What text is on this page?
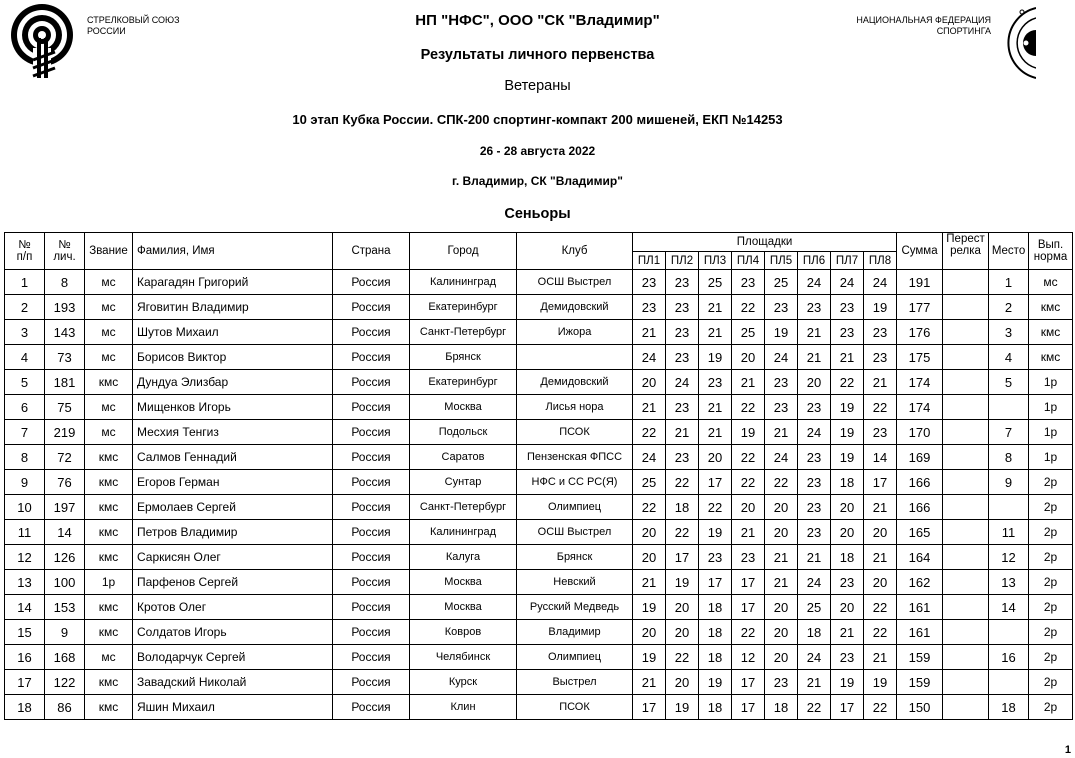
СТРЕЛКОВЫЙ СОЮЗ
РОССИИ
НАЦИОНАЛЬНАЯ ФЕДЕРАЦИЯ
СПОРТИНГА
НП "НФС", ООО "СК "Владимир"
Результаты личного первенства
Ветераны
10 этап Кубка России. СПК-200 спортинг-компакт 200 мишеней, ЕКП №14253
26 - 28 августа 2022
г. Владимир, СК "Владимир"
Сеньоры
№
п/п	№
лич.	Звание	Фамилия, Имя	Страна	Город	Клуб	Площадки								Сумма	Перест
релка	Место	Вып.
норма
							ПЛ1	ПЛ2	ПЛ3	ПЛ4	ПЛ5	ПЛ6	ПЛ7	ПЛ8				
1	8	мс	Карагадян Григорий	Россия	Калининград	ОСШ Выстрел	23	23	25	23	25	24	24	24	191		1	мс
2	193	мс	Яговитин Владимир	Россия	Екатеринбург	Демидовский	23	23	21	22	23	23	23	19	177		2	кмс
3	143	мс	Шутов Михаил	Россия	Санкт-Петербург	Ижора	21	23	21	25	19	21	23	23	176		3	кмс
4	73	мс	Борисов Виктор	Россия	Брянск		24	23	19	20	24	21	21	23	175		4	кмс
5	181	кмс	Дундуа Элизбар	Россия	Екатеринбург	Демидовский	20	24	23	21	23	20	22	21	174		5	1р
6	75	мс	Мищенков Игорь	Россия	Москва	Лисья нора	21	23	21	22	23	23	19	22	174			1р
7	219	мс	Месхия Тенгиз	Россия	Подольск	ПСОК	22	21	21	19	21	24	19	23	170		7	1р
8	72	кмс	Салмов Геннадий	Россия	Саратов	Пензенская ФПСС	24	23	20	22	24	23	19	14	169		8	1р
9	76	кмс	Егоров Герман	Россия	Сунтар	НФС и СС РС(Я)	25	22	17	22	22	23	18	17	166		9	2р
10	197	кмс	Ермолаев Сергей	Россия	Санкт-Петербург	Олимпиец	22	18	22	20	20	23	20	21	166			2р
11	14	кмс	Петров Владимир	Россия	Калининград	ОСШ Выстрел	20	22	19	21	20	23	20	20	165		11	2р
12	126	кмс	Саркисян Олег	Россия	Калуга	Брянск	20	17	23	23	21	21	18	21	164		12	2р
13	100	1р	Парфенов Сергей	Россия	Москва	Невский	21	19	17	17	21	24	23	20	162		13	2р
14	153	кмс	Кротов Олег	Россия	Москва	Русский Медведь	19	20	18	17	20	25	20	22	161		14	2р
15	9	кмс	Солдатов Игорь	Россия	Ковров	Владимир	20	20	18	22	20	18	21	22	161			2р
16	168	мс	Володарчук Сергей	Россия	Челябинск	Олимпиец	19	22	18	12	20	24	23	21	159		16	2р
17	122	кмс	Завадский Николай	Россия	Курск	Выстрел	21	20	19	17	23	21	19	19	159			2р
18	86	кмс	Яшин Михаил	Россия	Клин	ПСОК	17	19	18	17	18	22	17	22	150		18	2р
1
